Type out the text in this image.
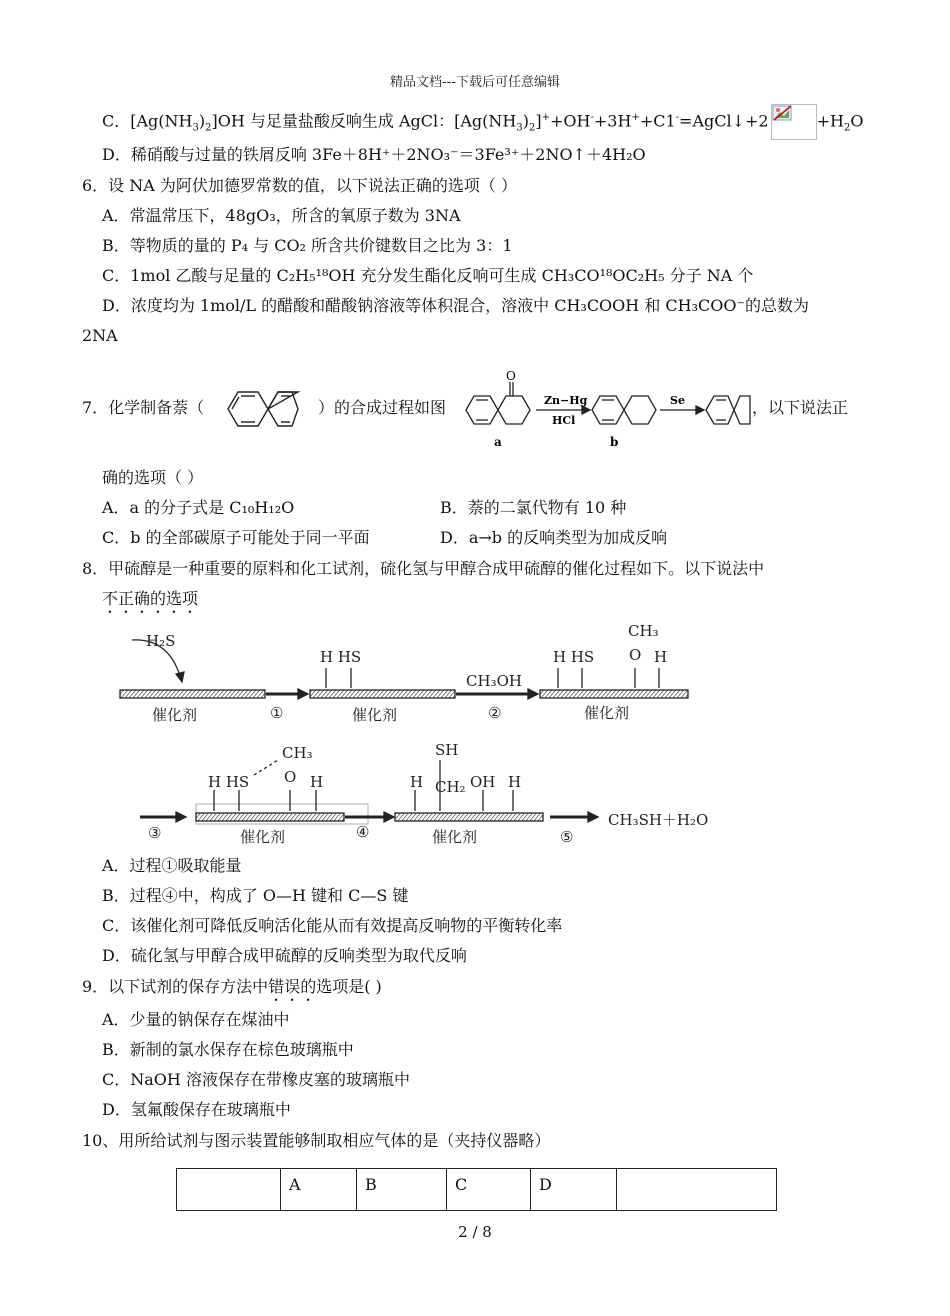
精品文档---下载后可任意编辑
C．$[Ag(NH_3)_2]OH$ 与足量盐酸反响生成 AgCl：$[Ag(NH_3)_2]^++OH^-+3H^++C1^-=AgCl↓+2$	$+H_2O$
D．稀硝酸与过量的铁屑反响 3Fe＋8H⁺＋2NO₃⁻＝3Fe³⁺＋2NO↑＋4H₂O
6．设 NA 为阿伏加德罗常数的值，以下说法正确的选项（ ）
A．常温常压下，48gO₃，所含的氧原子数为 3NA
B．等物质的量的 P₄ 与 CO₂ 所含共价键数目之比为 3：1
C．1mol 乙酸与足量的 C₂H₅¹⁸OH 充分发生酯化反响可生成 CH₃CO¹⁸OC₂H₅ 分子 NA 个
D．浓度均为 1mol/L 的醋酸和醋酸钠溶液等体积混合，溶液中 CH₃COOH 和 CH₃COO⁻的总数为
2NA
7．化学制备萘（	）的合成过程如图
O
a	b
Zn−Hg
HCl
Se	，以下说法正
确的选项（ ）
A．a 的分子式是 C₁₀H₁₂O	B．萘的二氯代物有 10 种
C．b 的全部碳原子可能处于同一平面	D．a→b 的反响类型为加成反响
8．甲硫醇是一种重要的原料和化工试剂，硫化氢与甲醇合成甲硫醇的催化过程如下。以下说法中
不正确的选项
H₂S
催化剂	①
H HS
催化剂
CH₃OH
②
H HS
CH₃
O H
催化剂
③
H HS
CH₃
O H
催化剂	④
H
SH
CH₂ OH H
催化剂	⑤
CH₃SH＋H₂O
A．过程①吸取能量
B．过程④中，构成了 O—H 键和 C—S 键
C．该催化剂可降低反响活化能从而有效提高反响物的平衡转化率
D．硫化氢与甲醇合成甲硫醇的反响类型为取代反响
9．以下试剂的保存方法中错误的选项是( )
A．少量的钠保存在煤油中
B．新制的氯水保存在棕色玻璃瓶中
C．NaOH 溶液保存在带橡皮塞的玻璃瓶中
D．氢氟酸保存在玻璃瓶中
10、用所给试剂与图示装置能够制取相应气体的是（夹持仪器略）
	A	B	C	D	
2 / 8
